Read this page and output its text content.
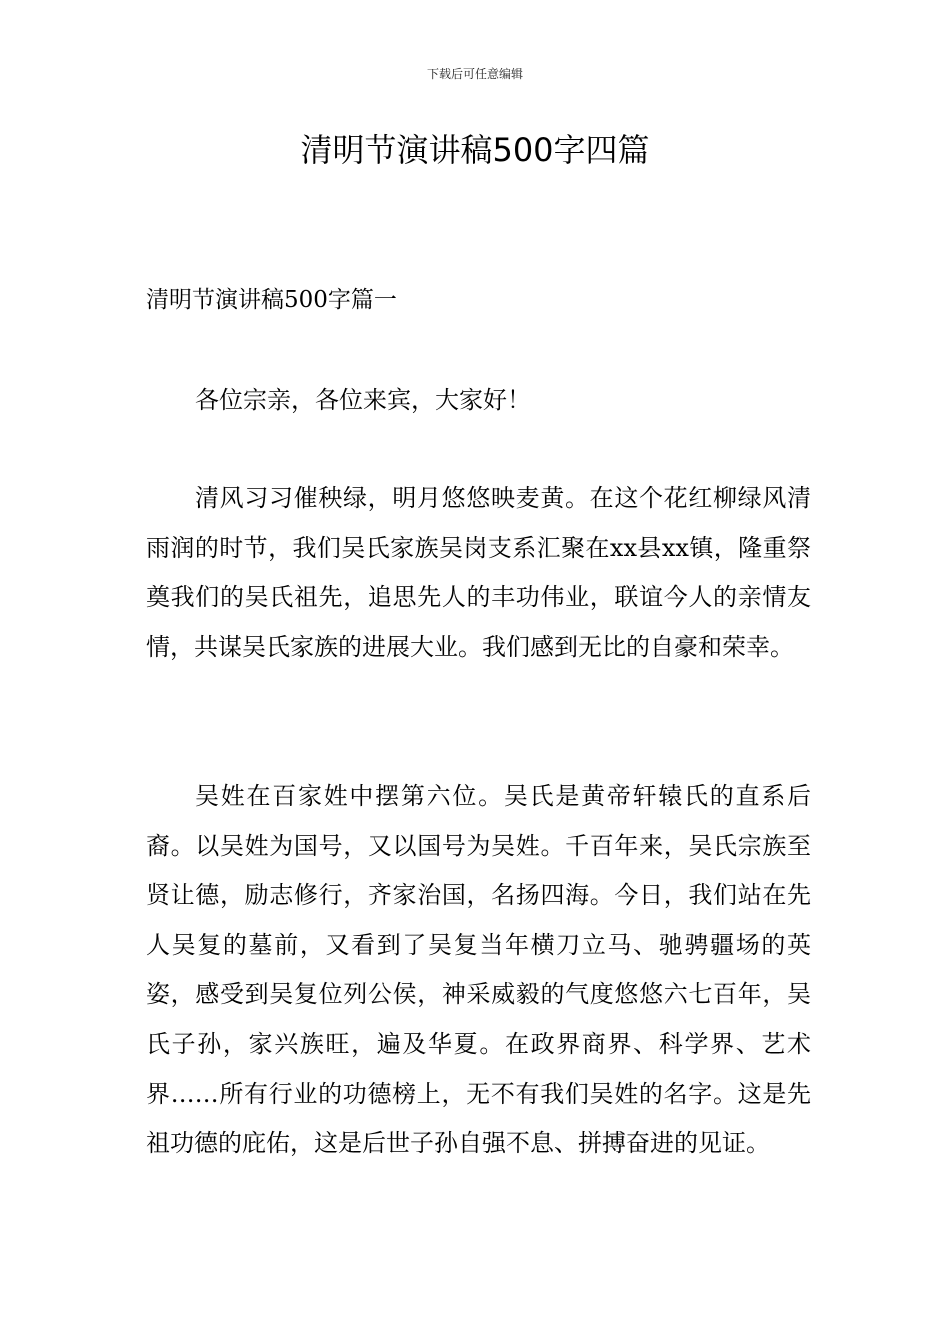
下载后可任意编辑
清明节演讲稿500字四篇
清明节演讲稿500字篇一

各位宗亲，各位来宾，大家好！

清风习习催秧绿，明月悠悠映麦黄。在这个花红柳绿风清雨润的时节，我们吴氏家族吴岗支系汇聚在xx县xx镇，隆重祭奠我们的吴氏祖先，追思先人的丰功伟业，联谊今人的亲情友情，共谋吴氏家族的进展大业。我们感到无比的自豪和荣幸。

吴姓在百家姓中摆第六位。吴氏是黄帝轩辕氏的直系后裔。以吴姓为国号，又以国号为吴姓。千百年来，吴氏宗族至贤让德，励志修行，齐家治国，名扬四海。今日，我们站在先人吴复的墓前，又看到了吴复当年横刀立马、驰骋疆场的英姿，感受到吴复位列公侯，神采威毅的气度悠悠六七百年，吴氏子孙，家兴族旺，遍及华夏。在政界商界、科学界、艺术界……所有行业的功德榜上，无不有我们吴姓的名字。这是先祖功德的庇佑，这是后世子孙自强不息、拼搏奋进的见证。
